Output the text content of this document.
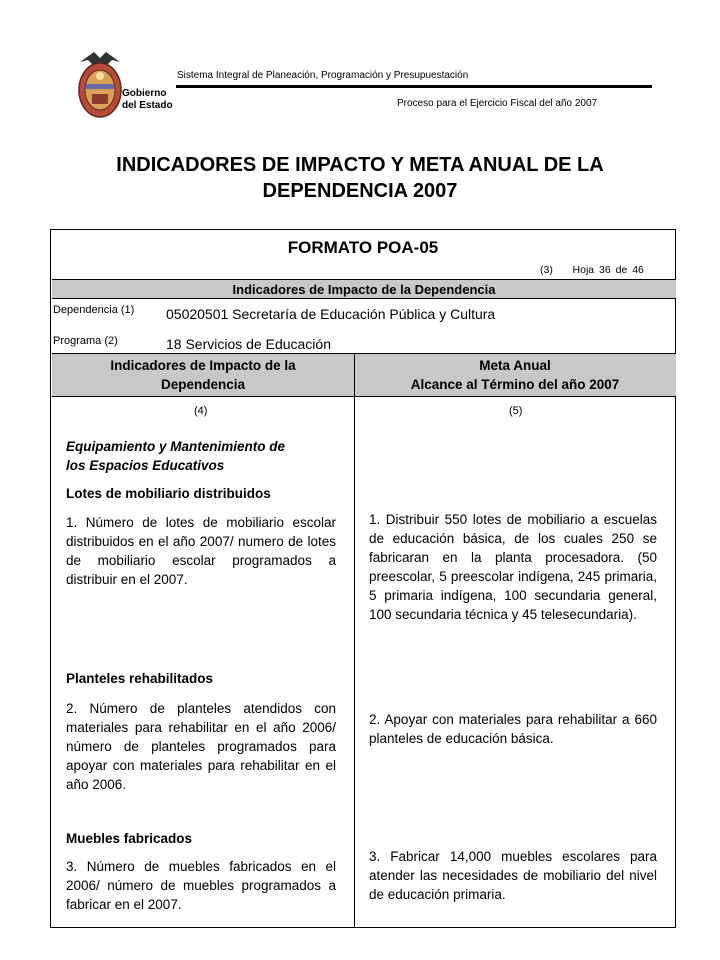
Gobierno
del Estado
Sistema Integral de Planeación, Programación y Presupuestación
Proceso para el Ejercicio Fiscal del año 2007
INDICADORES DE IMPACTO Y META ANUAL DE LA
DEPENDENCIA 2007
FORMATO POA-05
(3) Hoja 36 de 46
Indicadores de Impacto de la Dependencia
Dependencia (1) 05020501 Secretaría de Educación Pública y Cultura
Programa (2)	18 Servicios de Educación
Indicadores de Impacto de la
Dependencia
Meta Anual
Alcance al Término del año 2007
(4)	(5)
Equipamiento y Mantenimiento de
los Espacios Educativos
Lotes de mobiliario distribuidos
1. Número de lotes de mobiliario escolar distribuidos en el año 2007/ numero de lotes de mobiliario escolar programados a distribuir en el 2007.
Planteles rehabilitados
2. Número de planteles atendidos con materiales para rehabilitar en el año 2006/ número de planteles programados para apoyar con materiales para rehabilitar en el año 2006.
Muebles fabricados
3. Número de muebles fabricados en el 2006/ número de muebles programados a fabricar en el 2007.
1. Distribuir 550 lotes de mobiliario a escuelas de educación básica, de los cuales 250 se fabricaran en la planta procesadora. (50 preescolar, 5 preescolar indígena, 245 primaria, 5 primaria indígena, 100 secundaria general, 100 secundaria técnica y 45 telesecundaria).
2. Apoyar con materiales para rehabilitar a 660 planteles de educación básica.
3. Fabricar 14,000 muebles escolares para atender las necesidades de mobiliario del nivel de educación primaria.
